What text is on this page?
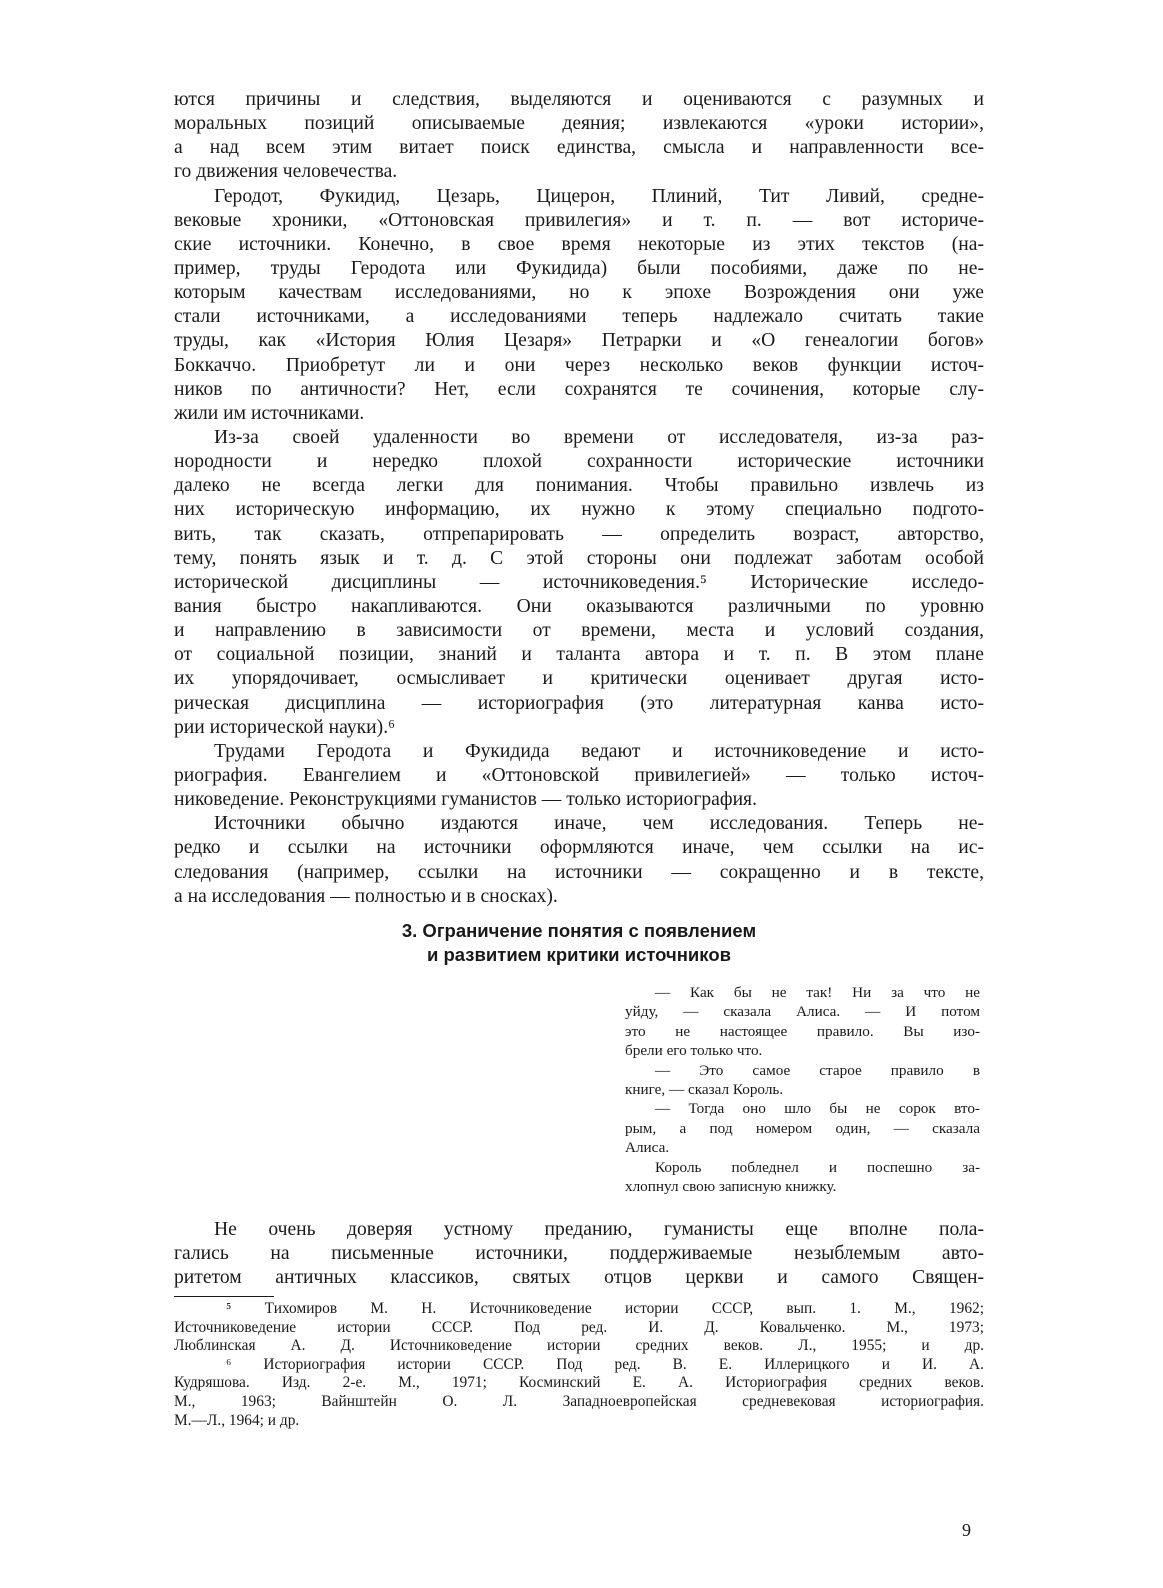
ются причины и следствия, выделяются и оцениваются с разумных и
моральных позиций описываемые деяния; извлекаются «уроки истории»,
а над всем этим витает поиск единства, смысла и направленности все-
го движения человечества.
Геродот, Фукидид, Цезарь, Цицерон, Плиний, Тит Ливий, средне-
вековые хроники, «Оттоновская привилегия» и т. п. — вот историче-
ские источники. Конечно, в свое время некоторые из этих текстов (на-
пример, труды Геродота или Фукидида) были пособиями, даже по не-
которым качествам исследованиями, но к эпохе Возрождения они уже
стали источниками, а исследованиями теперь надлежало считать такие
труды, как «История Юлия Цезаря» Петрарки и «О генеалогии богов»
Боккаччо. Приобретут ли и они через несколько веков функции источ-
ников по античности? Нет, если сохранятся те сочинения, которые слу-
жили им источниками.
Из-за своей удаленности во времени от исследователя, из-за раз-
нородности и нередко плохой сохранности исторические источники
далеко не всегда легки для понимания. Чтобы правильно извлечь из
них историческую информацию, их нужно к этому специально подгото-
вить, так сказать, отпрепарировать — определить возраст, авторство,
тему, понять язык и т. д. С этой стороны они подлежат заботам особой
исторической дисциплины — источниковедения.⁵ Исторические исследо-
вания быстро накапливаются. Они оказываются различными по уровню
и направлению в зависимости от времени, места и условий создания,
от социальной позиции, знаний и таланта автора и т. п. В этом плане
их упорядочивает, осмысливает и критически оценивает другая исто-
рическая дисциплина — историография (это литературная канва исто-
рии исторической науки).⁶
Трудами Геродота и Фукидида ведают и источниковедение и исто-
риография. Евангелием и «Оттоновской привилегией» — только источ-
никоведение. Реконструкциями гуманистов — только историография.
Источники обычно издаются иначе, чем исследования. Теперь не-
редко и ссылки на источники оформляются иначе, чем ссылки на ис-
следования (например, ссылки на источники — сокращенно и в тексте,
а на исследования — полностью и в сносках).
3. Ограничение понятия с появлением
и развитием критики источников
— Как бы не так! Ни за что не
уйду, — сказала Алиса. — И потом
это не настоящее правило. Вы изо-
брели его только что.
— Это самое старое правило в
книге, — сказал Король.
— Тогда оно шло бы не сорок вто-
рым, а под номером один, — сказала
Алиса.
Король побледнел и поспешно за-
хлопнул свою записную книжку.
Не очень доверяя устному преданию, гуманисты еще вполне пола-
гались на письменные источники, поддерживаемые незыблемым авто-
ритетом античных классиков, святых отцов церкви и самого Священ-
⁵ Тихомиров М. Н. Источниковедение истории СССР, вып. 1. М., 1962;
Источниковедение истории СССР. Под ред. И. Д. Ковальченко. М., 1973;
Люблинская А. Д. Источниковедение истории средних веков. Л., 1955; и др.
⁶ Историография истории СССР. Под ред. В. Е. Иллерицкого и И. А.
Кудряшова. Изд. 2-е. М., 1971; Косминский Е. А. Историография средних веков.
М., 1963; Вайнштейн О. Л. Западноевропейская средневековая историография.
М.—Л., 1964; и др.
9
